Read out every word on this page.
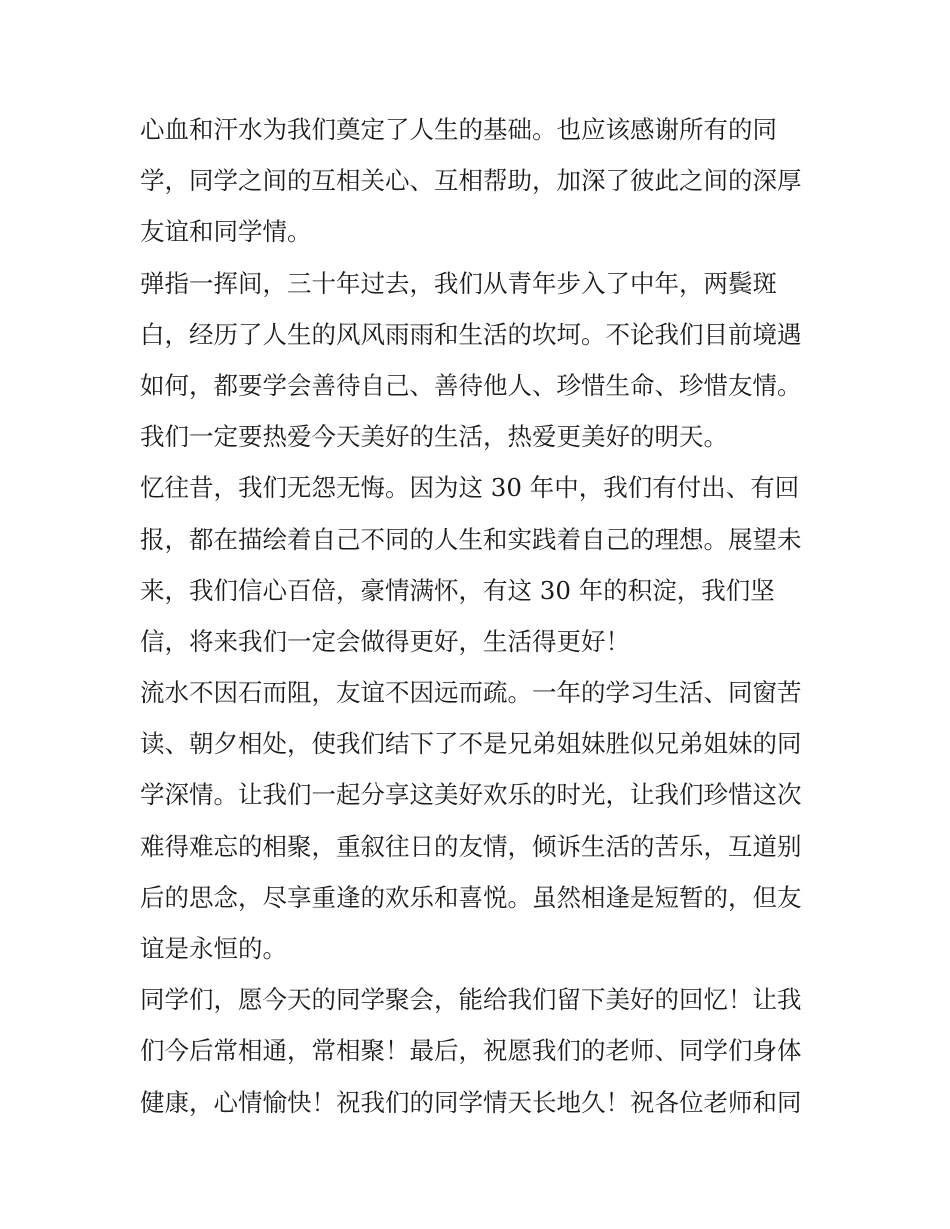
心血和汗水为我们奠定了人生的基础。也应该感谢所有的同
学，同学之间的互相关心、互相帮助，加深了彼此之间的深厚
友谊和同学情。
弹指一挥间，三十年过去，我们从青年步入了中年，两鬓斑
白，经历了人生的风风雨雨和生活的坎坷。不论我们目前境遇
如何，都要学会善待自己、善待他人、珍惜生命、珍惜友情。
我们一定要热爱今天美好的生活，热爱更美好的明天。
忆往昔，我们无怨无悔。因为这 30 年中，我们有付出、有回
报，都在描绘着自己不同的人生和实践着自己的理想。展望未
来，我们信心百倍，豪情满怀，有这 30 年的积淀，我们坚
信，将来我们一定会做得更好，生活得更好！
流水不因石而阻，友谊不因远而疏。一年的学习生活、同窗苦
读、朝夕相处，使我们结下了不是兄弟姐妹胜似兄弟姐妹的同
学深情。让我们一起分享这美好欢乐的时光，让我们珍惜这次
难得难忘的相聚，重叙往日的友情，倾诉生活的苦乐，互道别
后的思念，尽享重逢的欢乐和喜悦。虽然相逢是短暂的，但友
谊是永恒的。
同学们，愿今天的同学聚会，能给我们留下美好的回忆！让我
们今后常相通，常相聚！最后，祝愿我们的老师、同学们身体
健康，心情愉快！祝我们的同学情天长地久！祝各位老师和同
